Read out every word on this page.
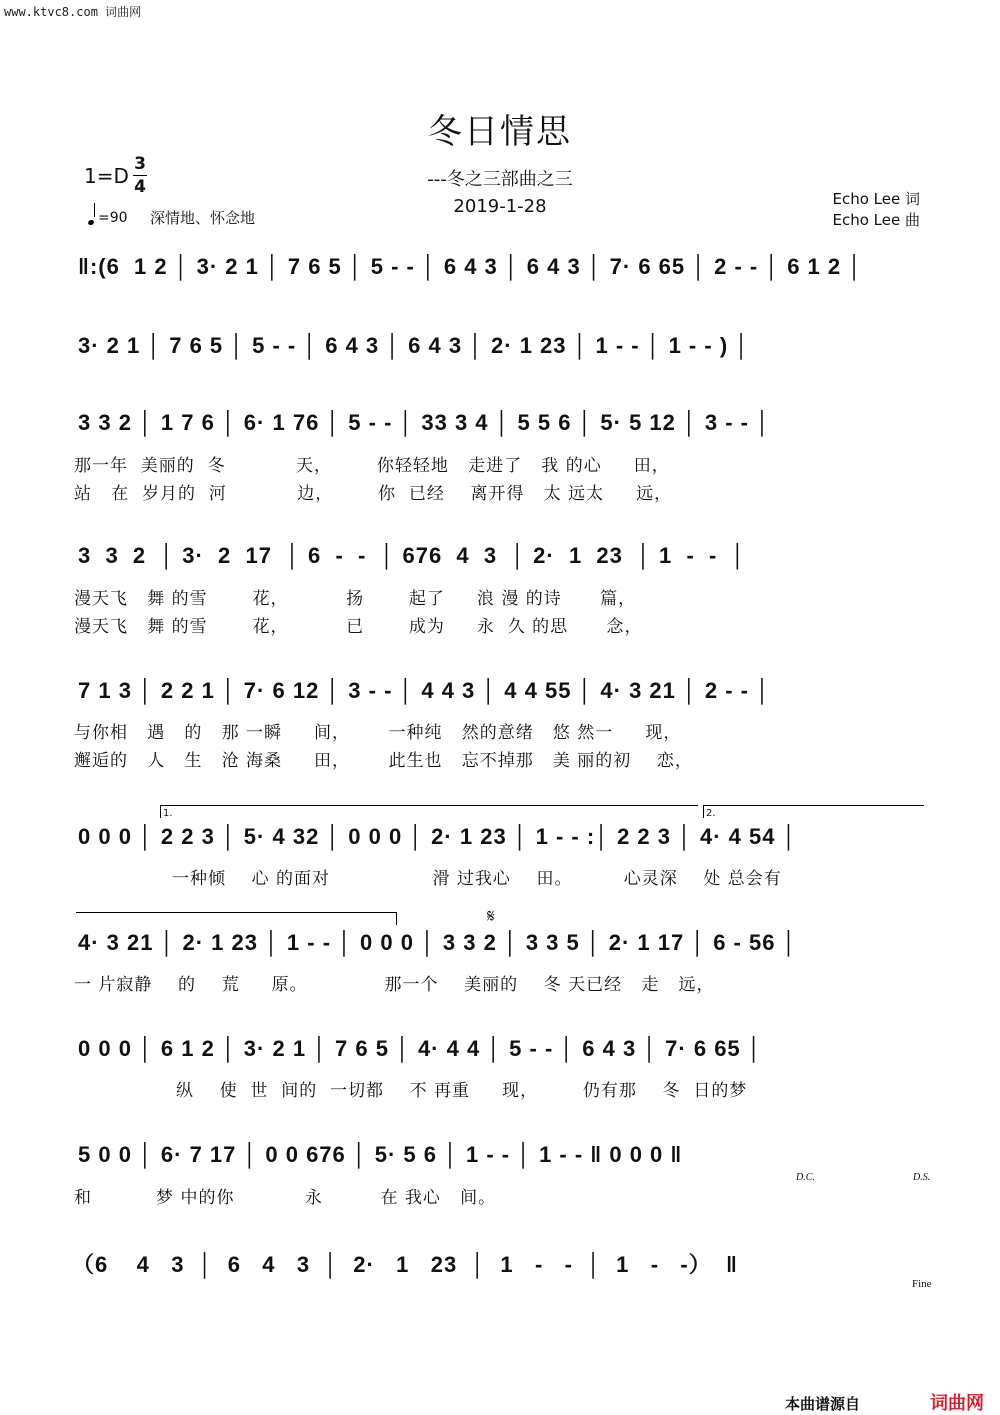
www.ktvc8.com 词曲网
冬日情思
---冬之三部曲之三
2019-1-28
1=D 3
4
=90 深情地、怀念地
Echo Lee 词
Echo Lee 曲
‖:(6  1 2 │ 3· 2 1 │ 7 6 5 │ 5 - - │ 6 4 3 │ 6 4 3 │ 7· 6 65 │ 2 - - │ 6 1 2 │
3· 2 1 │ 7 6 5 │ 5 - - │ 6 4 3 │ 6 4 3 │ 2· 1 23 │ 1 - - │ 1 - - ) │
3 3 2 │ 1 7 6 │ 6· 1 76 │ 5 - - │ 33 3 4 │ 5 5 6 │ 5· 5 12 │ 3 - - │
那一年  美丽的  冬           天，       你轻轻地   走进了   我 的心     田，
站   在  岁月的  河           边，       你  已经    离开得   太 远太     远，
3  3  2  │ 3·  2  17  │ 6  -  -  │ 676  4  3  │ 2·  1  23  │ 1  -  -  │
漫天飞   舞 的雪       花，         扬       起了     浪 漫 的诗      篇，
漫天飞   舞 的雪       花，         已       成为     永  久 的思      念，
7 1 3 │ 2 2 1 │ 7· 6 12 │ 3 - - │ 4 4 3 │ 4 4 55 │ 4· 3 21 │ 2 - - │
与你相   遇   的   那 一瞬     间，      一种纯   然的意绪   悠 然一     现，
邂逅的   人   生   沧 海桑     田，      此生也   忘不掉那   美 丽的初    恋，
1.	2.
0 0 0 │ 2 2 3 │ 5· 4 32 │ 0 0 0 │ 2· 1 23 │ 1 - - :│ 2 2 3 │ 4· 4 54 │
一种倾    心 的面对                滑 过我心    田。        心灵深    处 总会有
𝄋
4· 3 21 │ 2· 1 23 │ 1 - - │ 0 0 0 │ 3 3 2 │ 3 3 5 │ 2· 1 17 │ 6 - 56 │
一 片寂静    的    荒     原。            那一个    美丽的    冬 天已经   走   远，
0 0 0 │ 6 1 2 │ 3· 2 1 │ 7 6 5 │ 4· 4 4 │ 5 - - │ 6 4 3 │ 7· 6 65 │
纵    使  世  间的  一切都    不 再重     现，       仍有那    冬  日的梦
5 0 0 │ 6· 7 17 │ 0 0 676 │ 5· 5 6 │ 1 - - │ 1 - - ‖ 0 0 0 ‖
D.C.	D.S.
和          梦 中的你           永         在 我心   间。
（6    4   3  │  6   4   3  │  2·   1   23  │  1   -   -  │  1   -   -）  ‖
Fine
本曲谱源自	词曲网
